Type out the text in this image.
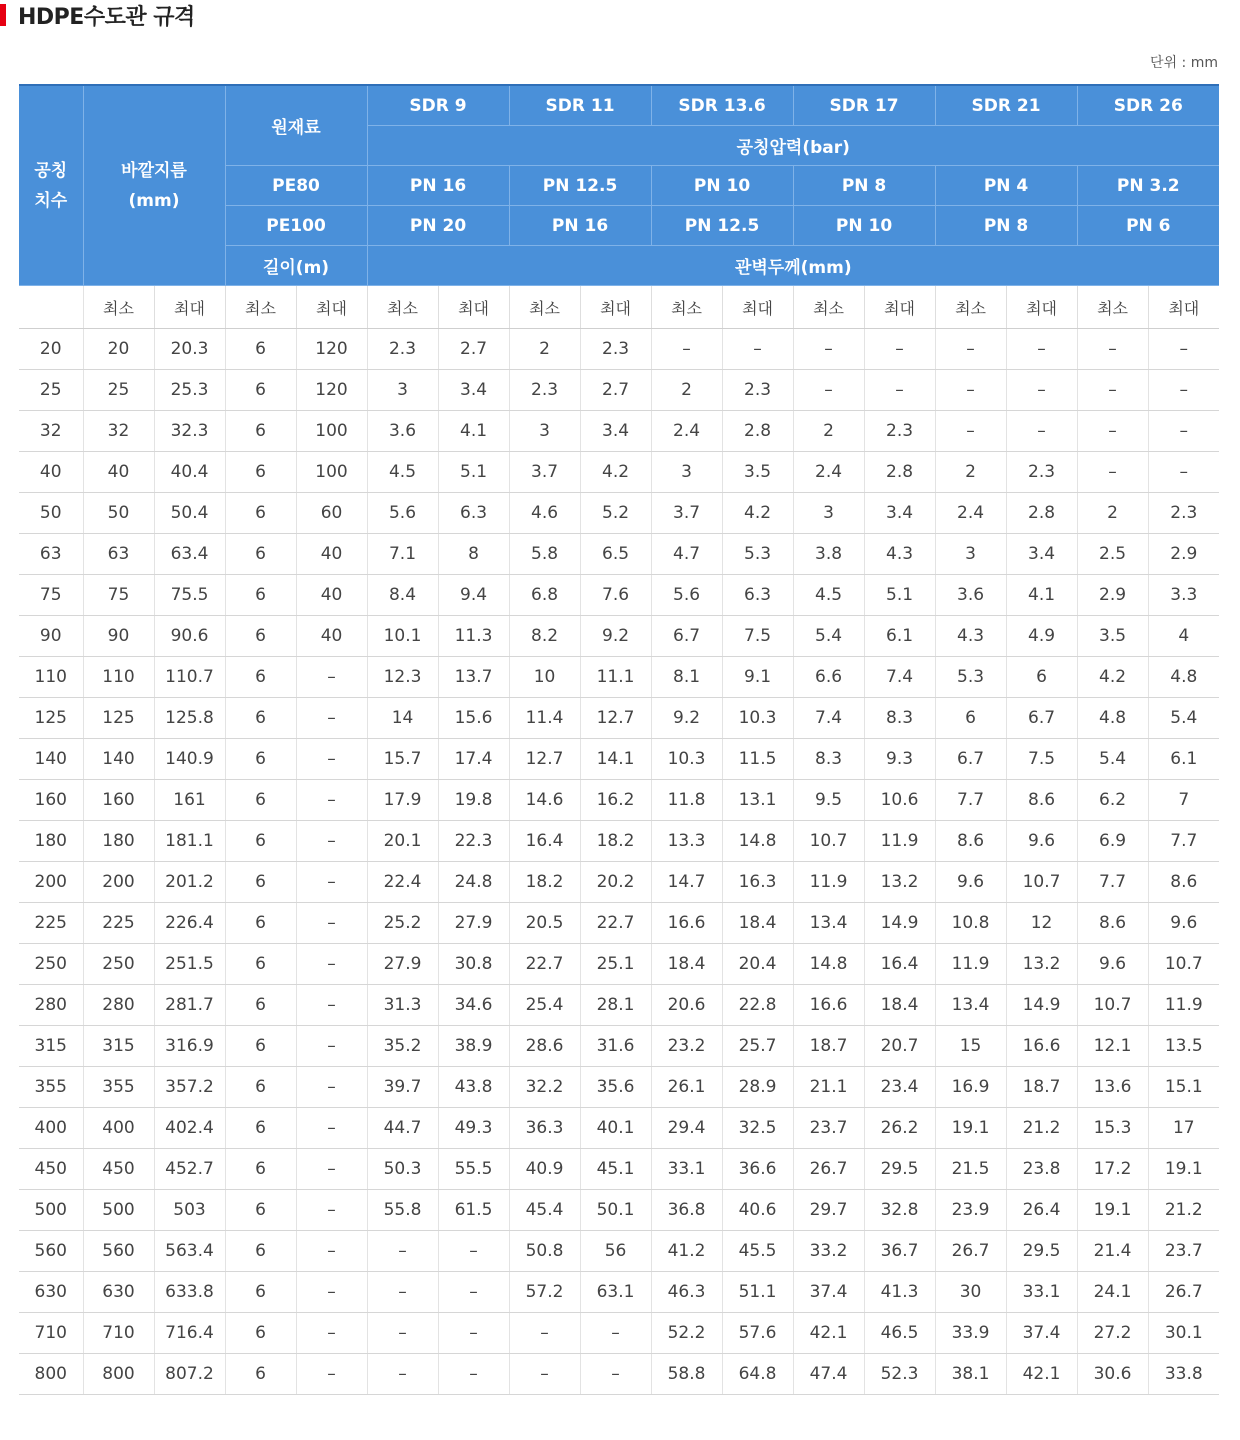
HDPE수도관 규격
단위 : mm
공칭
치수	바깥지름
(mm)		원재료		SDR 9		SDR 11		SDR 13.6		SDR 17		SDR 21		SDR 26	
					공칭압력(bar)											
			PE80		PN 16		PN 12.5		PN 10		PN 8		PN 4		PN 3.2	
			PE100		PN 20		PN 16		PN 12.5		PN 10		PN 8		PN 6	
			길이(m)		관벽두께(mm)											
	최소	최대	최소	최대	최소	최대	최소	최대	최소	최대	최소	최대	최소	최대	최소	최대
20	20	20.3	6	120	2.3	2.7	2	2.3	–	–	–	–	–	–	–	–
25	25	25.3	6	120	3	3.4	2.3	2.7	2	2.3	–	–	–	–	–	–
32	32	32.3	6	100	3.6	4.1	3	3.4	2.4	2.8	2	2.3	–	–	–	–
40	40	40.4	6	100	4.5	5.1	3.7	4.2	3	3.5	2.4	2.8	2	2.3	–	–
50	50	50.4	6	60	5.6	6.3	4.6	5.2	3.7	4.2	3	3.4	2.4	2.8	2	2.3
63	63	63.4	6	40	7.1	8	5.8	6.5	4.7	5.3	3.8	4.3	3	3.4	2.5	2.9
75	75	75.5	6	40	8.4	9.4	6.8	7.6	5.6	6.3	4.5	5.1	3.6	4.1	2.9	3.3
90	90	90.6	6	40	10.1	11.3	8.2	9.2	6.7	7.5	5.4	6.1	4.3	4.9	3.5	4
110	110	110.7	6	–	12.3	13.7	10	11.1	8.1	9.1	6.6	7.4	5.3	6	4.2	4.8
125	125	125.8	6	–	14	15.6	11.4	12.7	9.2	10.3	7.4	8.3	6	6.7	4.8	5.4
140	140	140.9	6	–	15.7	17.4	12.7	14.1	10.3	11.5	8.3	9.3	6.7	7.5	5.4	6.1
160	160	161	6	–	17.9	19.8	14.6	16.2	11.8	13.1	9.5	10.6	7.7	8.6	6.2	7
180	180	181.1	6	–	20.1	22.3	16.4	18.2	13.3	14.8	10.7	11.9	8.6	9.6	6.9	7.7
200	200	201.2	6	–	22.4	24.8	18.2	20.2	14.7	16.3	11.9	13.2	9.6	10.7	7.7	8.6
225	225	226.4	6	–	25.2	27.9	20.5	22.7	16.6	18.4	13.4	14.9	10.8	12	8.6	9.6
250	250	251.5	6	–	27.9	30.8	22.7	25.1	18.4	20.4	14.8	16.4	11.9	13.2	9.6	10.7
280	280	281.7	6	–	31.3	34.6	25.4	28.1	20.6	22.8	16.6	18.4	13.4	14.9	10.7	11.9
315	315	316.9	6	–	35.2	38.9	28.6	31.6	23.2	25.7	18.7	20.7	15	16.6	12.1	13.5
355	355	357.2	6	–	39.7	43.8	32.2	35.6	26.1	28.9	21.1	23.4	16.9	18.7	13.6	15.1
400	400	402.4	6	–	44.7	49.3	36.3	40.1	29.4	32.5	23.7	26.2	19.1	21.2	15.3	17
450	450	452.7	6	–	50.3	55.5	40.9	45.1	33.1	36.6	26.7	29.5	21.5	23.8	17.2	19.1
500	500	503	6	–	55.8	61.5	45.4	50.1	36.8	40.6	29.7	32.8	23.9	26.4	19.1	21.2
560	560	563.4	6	–	–	–	50.8	56	41.2	45.5	33.2	36.7	26.7	29.5	21.4	23.7
630	630	633.8	6	–	–	–	57.2	63.1	46.3	51.1	37.4	41.3	30	33.1	24.1	26.7
710	710	716.4	6	–	–	–	–	–	52.2	57.6	42.1	46.5	33.9	37.4	27.2	30.1
800	800	807.2	6	–	–	–	–	–	58.8	64.8	47.4	52.3	38.1	42.1	30.6	33.8
